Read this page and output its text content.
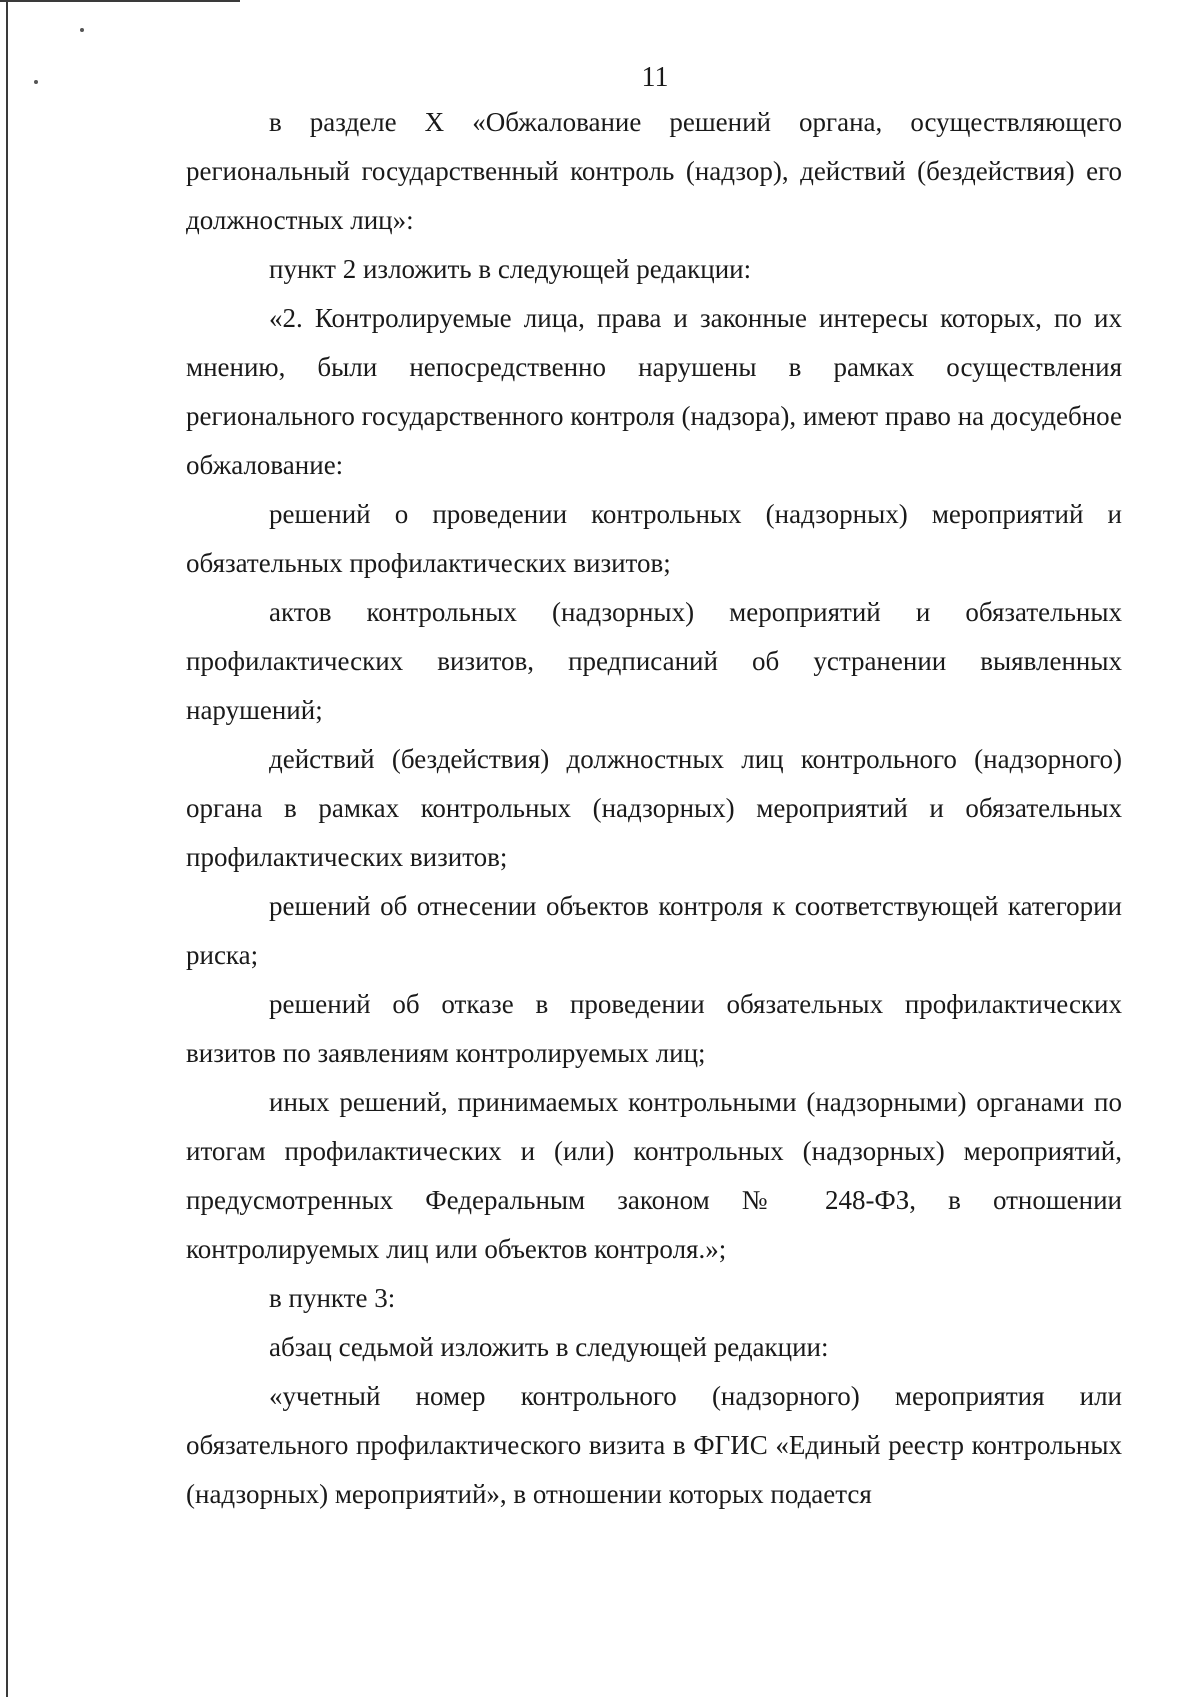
11

в разделе X «Обжалование решений органа, осуществляющего региональный государственный контроль (надзор), действий (бездействия) его должностных лиц»:

пункт 2 изложить в следующей редакции:

«2. Контролируемые лица, права и законные интересы которых, по их мнению, были непосредственно нарушены в рамках осуществления регионального государственного контроля (надзора), имеют право на досудебное обжалование:

решений о проведении контрольных (надзорных) мероприятий и обязательных профилактических визитов;

актов контрольных (надзорных) мероприятий и обязательных профилактических визитов, предписаний об устранении выявленных нарушений;

действий (бездействия) должностных лиц контрольного (надзорного) органа в рамках контрольных (надзорных) мероприятий и обязательных профилактических визитов;

решений об отнесении объектов контроля к соответствующей категории риска;

решений об отказе в проведении обязательных профилактических визитов по заявлениям контролируемых лиц;

иных решений, принимаемых контрольными (надзорными) органами по итогам профилактических и (или) контрольных (надзорных) мероприятий, предусмотренных Федеральным законом № 248-ФЗ, в отношении контролируемых лиц или объектов контроля.»;

в пункте 3:

абзац седьмой изложить в следующей редакции:

«учетный номер контрольного (надзорного) мероприятия или обязательного профилактического визита в ФГИС «Единый реестр контрольных (надзорных) мероприятий», в отношении которых подается
